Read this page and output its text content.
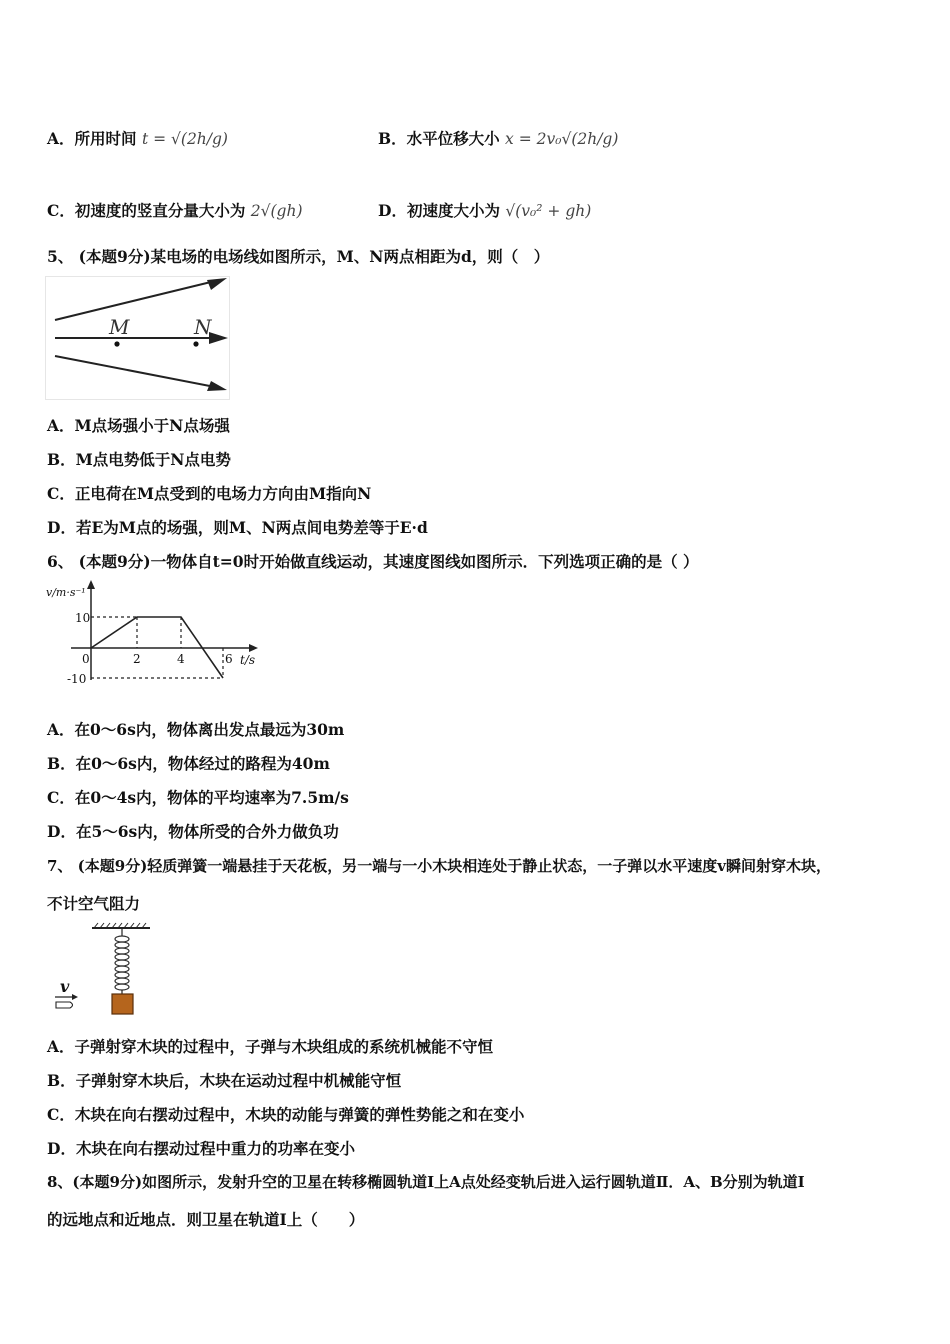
A．所用时间 t = √(2h/g)	B．水平位移大小 x = 2v₀√(2h/g)
C．初速度的竖直分量大小为 2√(gh)	D．初速度大小为 √(v₀² + gh)
5、 (本题9分)某电场的电场线如图所示，M、N两点相距为d，则（　）
M	N
A．M点场强小于N点场强
B．M点电势低于N点电势
C．正电荷在M点受到的电场力方向由M指向N
D．若E为M点的场强，则M、N两点间电势差等于E·d
6、 (本题9分)一物体自t=0时开始做直线运动，其速度图线如图所示．下列选项正确的是（ ）
v/m·s⁻¹
t/s
10
-10
0	2	4	6
A．在0～6s内，物体离出发点最远为30m
B．在0～6s内，物体经过的路程为40m
C．在0～4s内，物体的平均速率为7.5m/s
D．在5～6s内，物体所受的合外力做负功
7、 (本题9分)轻质弹簧一端悬挂于天花板，另一端与一小木块相连处于静止状态，一子弹以水平速度v瞬间射穿木块，
不计空气阻力
v
A．子弹射穿木块的过程中，子弹与木块组成的系统机械能不守恒
B．子弹射穿木块后，木块在运动过程中机械能守恒
C．木块在向右摆动过程中，木块的动能与弹簧的弹性势能之和在变小
D．木块在向右摆动过程中重力的功率在变小
8、(本题9分)如图所示，发射升空的卫星在转移椭圆轨道Ⅰ上A点处经变轨后进入运行圆轨道Ⅱ．A、B分别为轨道Ⅰ
的远地点和近地点．则卫星在轨道Ⅰ上（　　）
